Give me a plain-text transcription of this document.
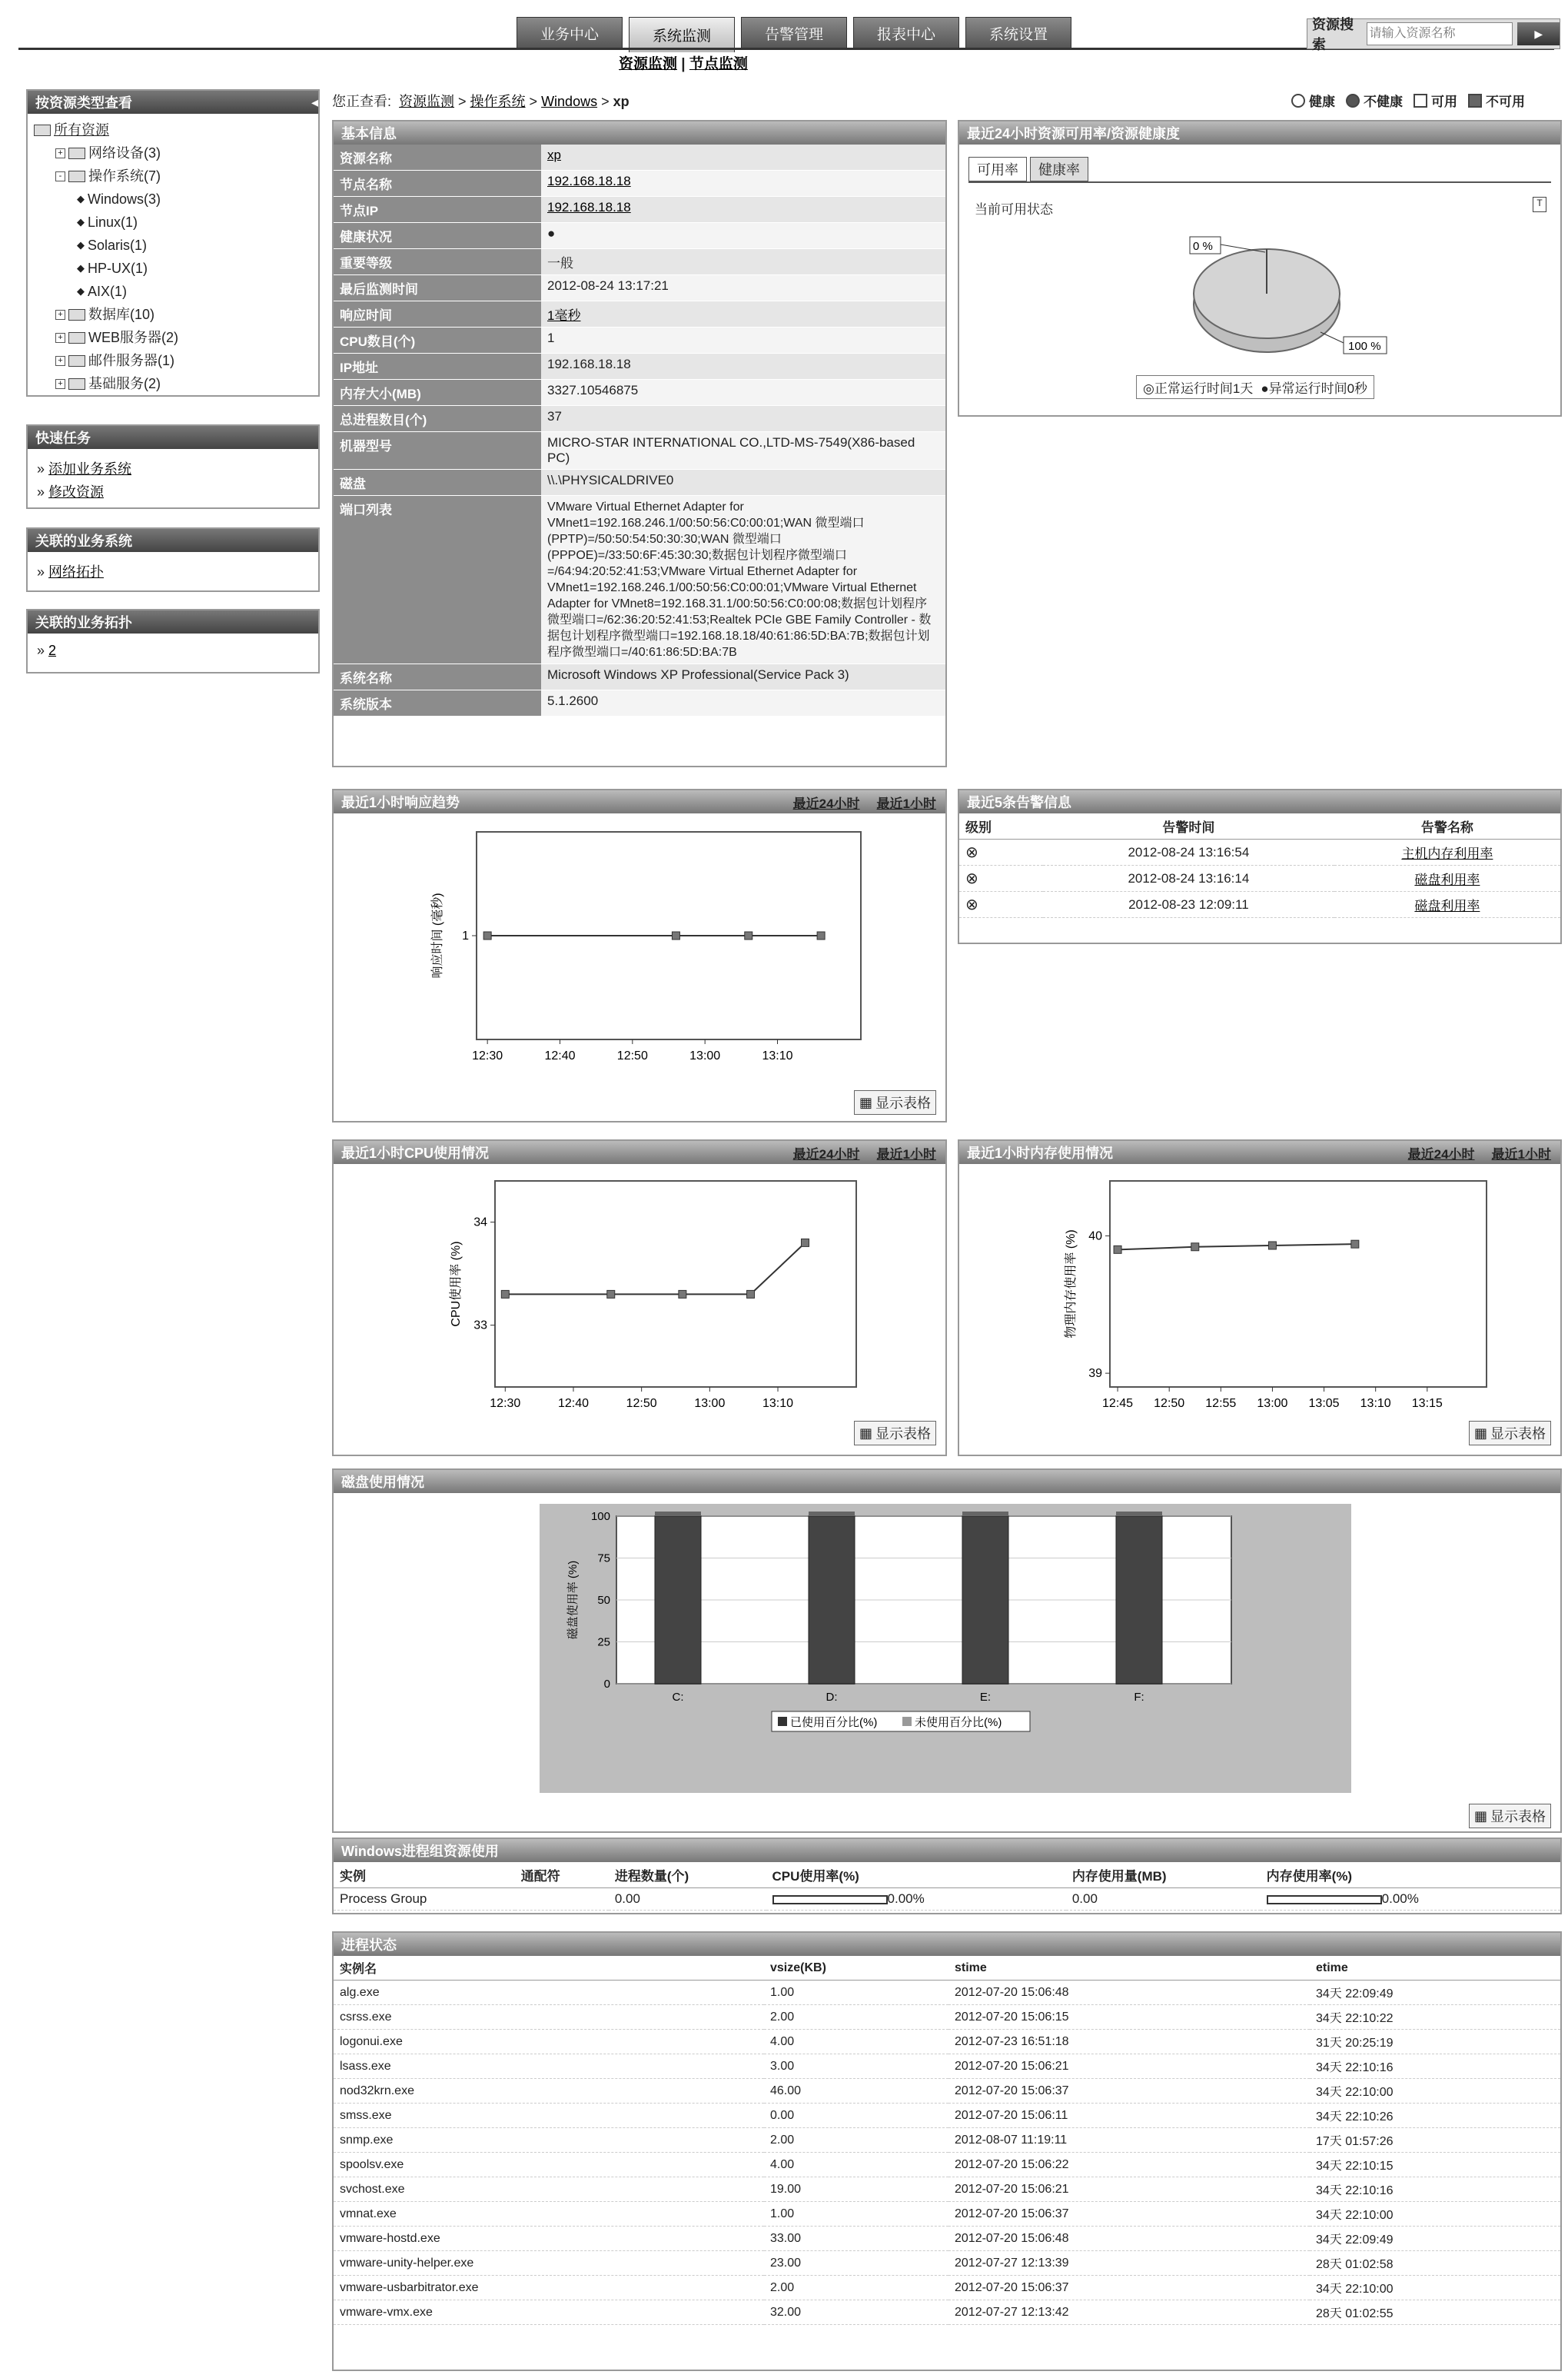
业务中心	系统监测	告警管理	报表中心	系统设置
资源搜索
请输入资源名称
▶
资源监测 | 节点监测
按资源类型查看	◂
所有资源
+ 网络设备(3)
- 操作系统(7)
◆ Windows(3)
◆ Linux(1)
◆ Solaris(1)
◆ HP-UX(1)
◆ AIX(1)
+ 数据库(10)
+ WEB服务器(2)
+ 邮件服务器(1)
+ 基础服务(2)
快速任务
» 添加业务系统
» 修改资源
关联的业务系统
» 网络拓扑
关联的业务拓扑
» 2
您正查看: 资源监测 > 操作系统 > Windows > xp	健康 不健康 可用 不可用
基本信息
资源名称	xp
节点名称	192.168.18.18
节点IP	192.168.18.18
健康状况	●
重要等级	一般
最后监测时间	2012-08-24 13:17:21
响应时间	1毫秒
CPU数目(个)	1
IP地址	192.168.18.18
内存大小(MB)	3327.10546875
总进程数目(个)	37
机器型号	MICRO-STAR INTERNATIONAL CO.,LTD-MS-7549(X86-based PC)
磁盘	\\.\PHYSICALDRIVE0
端口列表	VMware Virtual Ethernet Adapter for VMnet1=192.168.246.1/00:50:56:C0:00:01;WAN 微型端口 (PPTP)=/50:50:54:50:30:30;WAN 微型端口 (PPPOE)=/33:50:6F:45:30:30;数据包计划程序微型端口=/64:94:20:52:41:53;VMware Virtual Ethernet Adapter for VMnet1=192.168.246.1/00:50:56:C0:00:01;VMware Virtual Ethernet Adapter for VMnet8=192.168.31.1/00:50:56:C0:00:08;数据包计划程序微型端口=/62:36:20:52:41:53;Realtek PCIe GBE Family Controller - 数据包计划程序微型端口=192.168.18.18/40:61:86:5D:BA:7B;数据包计划程序微型端口=/40:61:86:5D:BA:7B
系统名称	Microsoft Windows XP Professional(Service Pack 3)
系统版本	5.1.2600
最近24小时资源可用率/资源健康度
可用率	健康率
当前可用状态	T
0 %
100 %
◎正常运行时间1天 ●异常运行时间0秒
最近1小时响应趋势	最近24小时 最近1小时
12:30	12:40	12:50	13:00	13:10
1
响应时间 (毫秒)
▦ 显示表格
最近5条告警信息
级别	告警时间	告警名称
⊗	2012-08-24 13:16:54	主机内存利用率
⊗	2012-08-24 13:16:14	磁盘利用率
⊗	2012-08-23 12:09:11	磁盘利用率
最近1小时CPU使用情况	最近24小时 最近1小时
12:30	12:40	12:50	13:00	13:10
33
34
CPU使用率 (%)
▦ 显示表格
最近1小时内存使用情况	最近24小时 最近1小时
12:45 12:50 12:55 13:00 13:05 13:10 13:15
39
40
物理内存使用率 (%)
▦ 显示表格
磁盘使用情况
0
25
50
75
100
磁盘使用率 (%)
C:	D:	E:	F:
已使用百分比(%)	未使用百分比(%)
▦ 显示表格
Windows进程组资源使用
实例	通配符	进程数量(个)	CPU使用率(%)	内存使用量(MB)	内存使用率(%)
Process Group		0.00	0.00%	0.00	0.00%
进程状态
实例名	vsize(KB)	stime	etime
alg.exe	1.00	2012-07-20 15:06:48	34天 22:09:49
csrss.exe	2.00	2012-07-20 15:06:15	34天 22:10:22
logonui.exe	4.00	2012-07-23 16:51:18	31天 20:25:19
lsass.exe	3.00	2012-07-20 15:06:21	34天 22:10:16
nod32krn.exe	46.00	2012-07-20 15:06:37	34天 22:10:00
smss.exe	0.00	2012-07-20 15:06:11	34天 22:10:26
snmp.exe	2.00	2012-08-07 11:19:11	17天 01:57:26
spoolsv.exe	4.00	2012-07-20 15:06:22	34天 22:10:15
svchost.exe	19.00	2012-07-20 15:06:21	34天 22:10:16
vmnat.exe	1.00	2012-07-20 15:06:37	34天 22:10:00
vmware-hostd.exe	33.00	2012-07-20 15:06:48	34天 22:09:49
vmware-unity-helper.exe	23.00	2012-07-27 12:13:39	28天 01:02:58
vmware-usbarbitrator.exe	2.00	2012-07-20 15:06:37	34天 22:10:00
vmware-vmx.exe	32.00	2012-07-27 12:13:42	28天 01:02:55
